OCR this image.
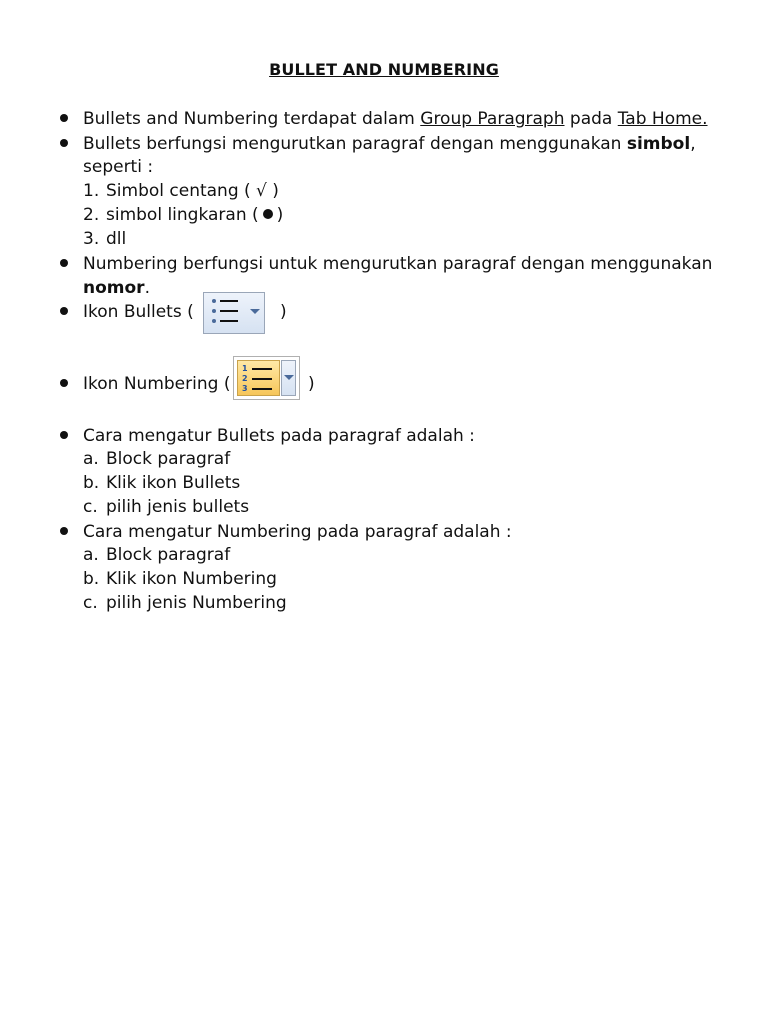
BULLET AND NUMBERING
Bullets and Numbering terdapat dalam Group Paragraph pada Tab Home.
Bullets berfungsi mengurutkan paragraf dengan menggunakan simbol,
seperti :
1. Simbol centang ( √ )
2. simbol lingkaran ( )
3. dll
Numbering berfungsi untuk mengurutkan paragraf dengan menggunakan
nomor.
Ikon Bullets (	)
Ikon Numbering (
1
2
3	)
Cara mengatur Bullets pada paragraf adalah :
a. Block paragraf
b. Klik ikon Bullets
c. pilih jenis bullets
Cara mengatur Numbering pada paragraf adalah :
a. Block paragraf
b. Klik ikon Numbering
c. pilih jenis Numbering
